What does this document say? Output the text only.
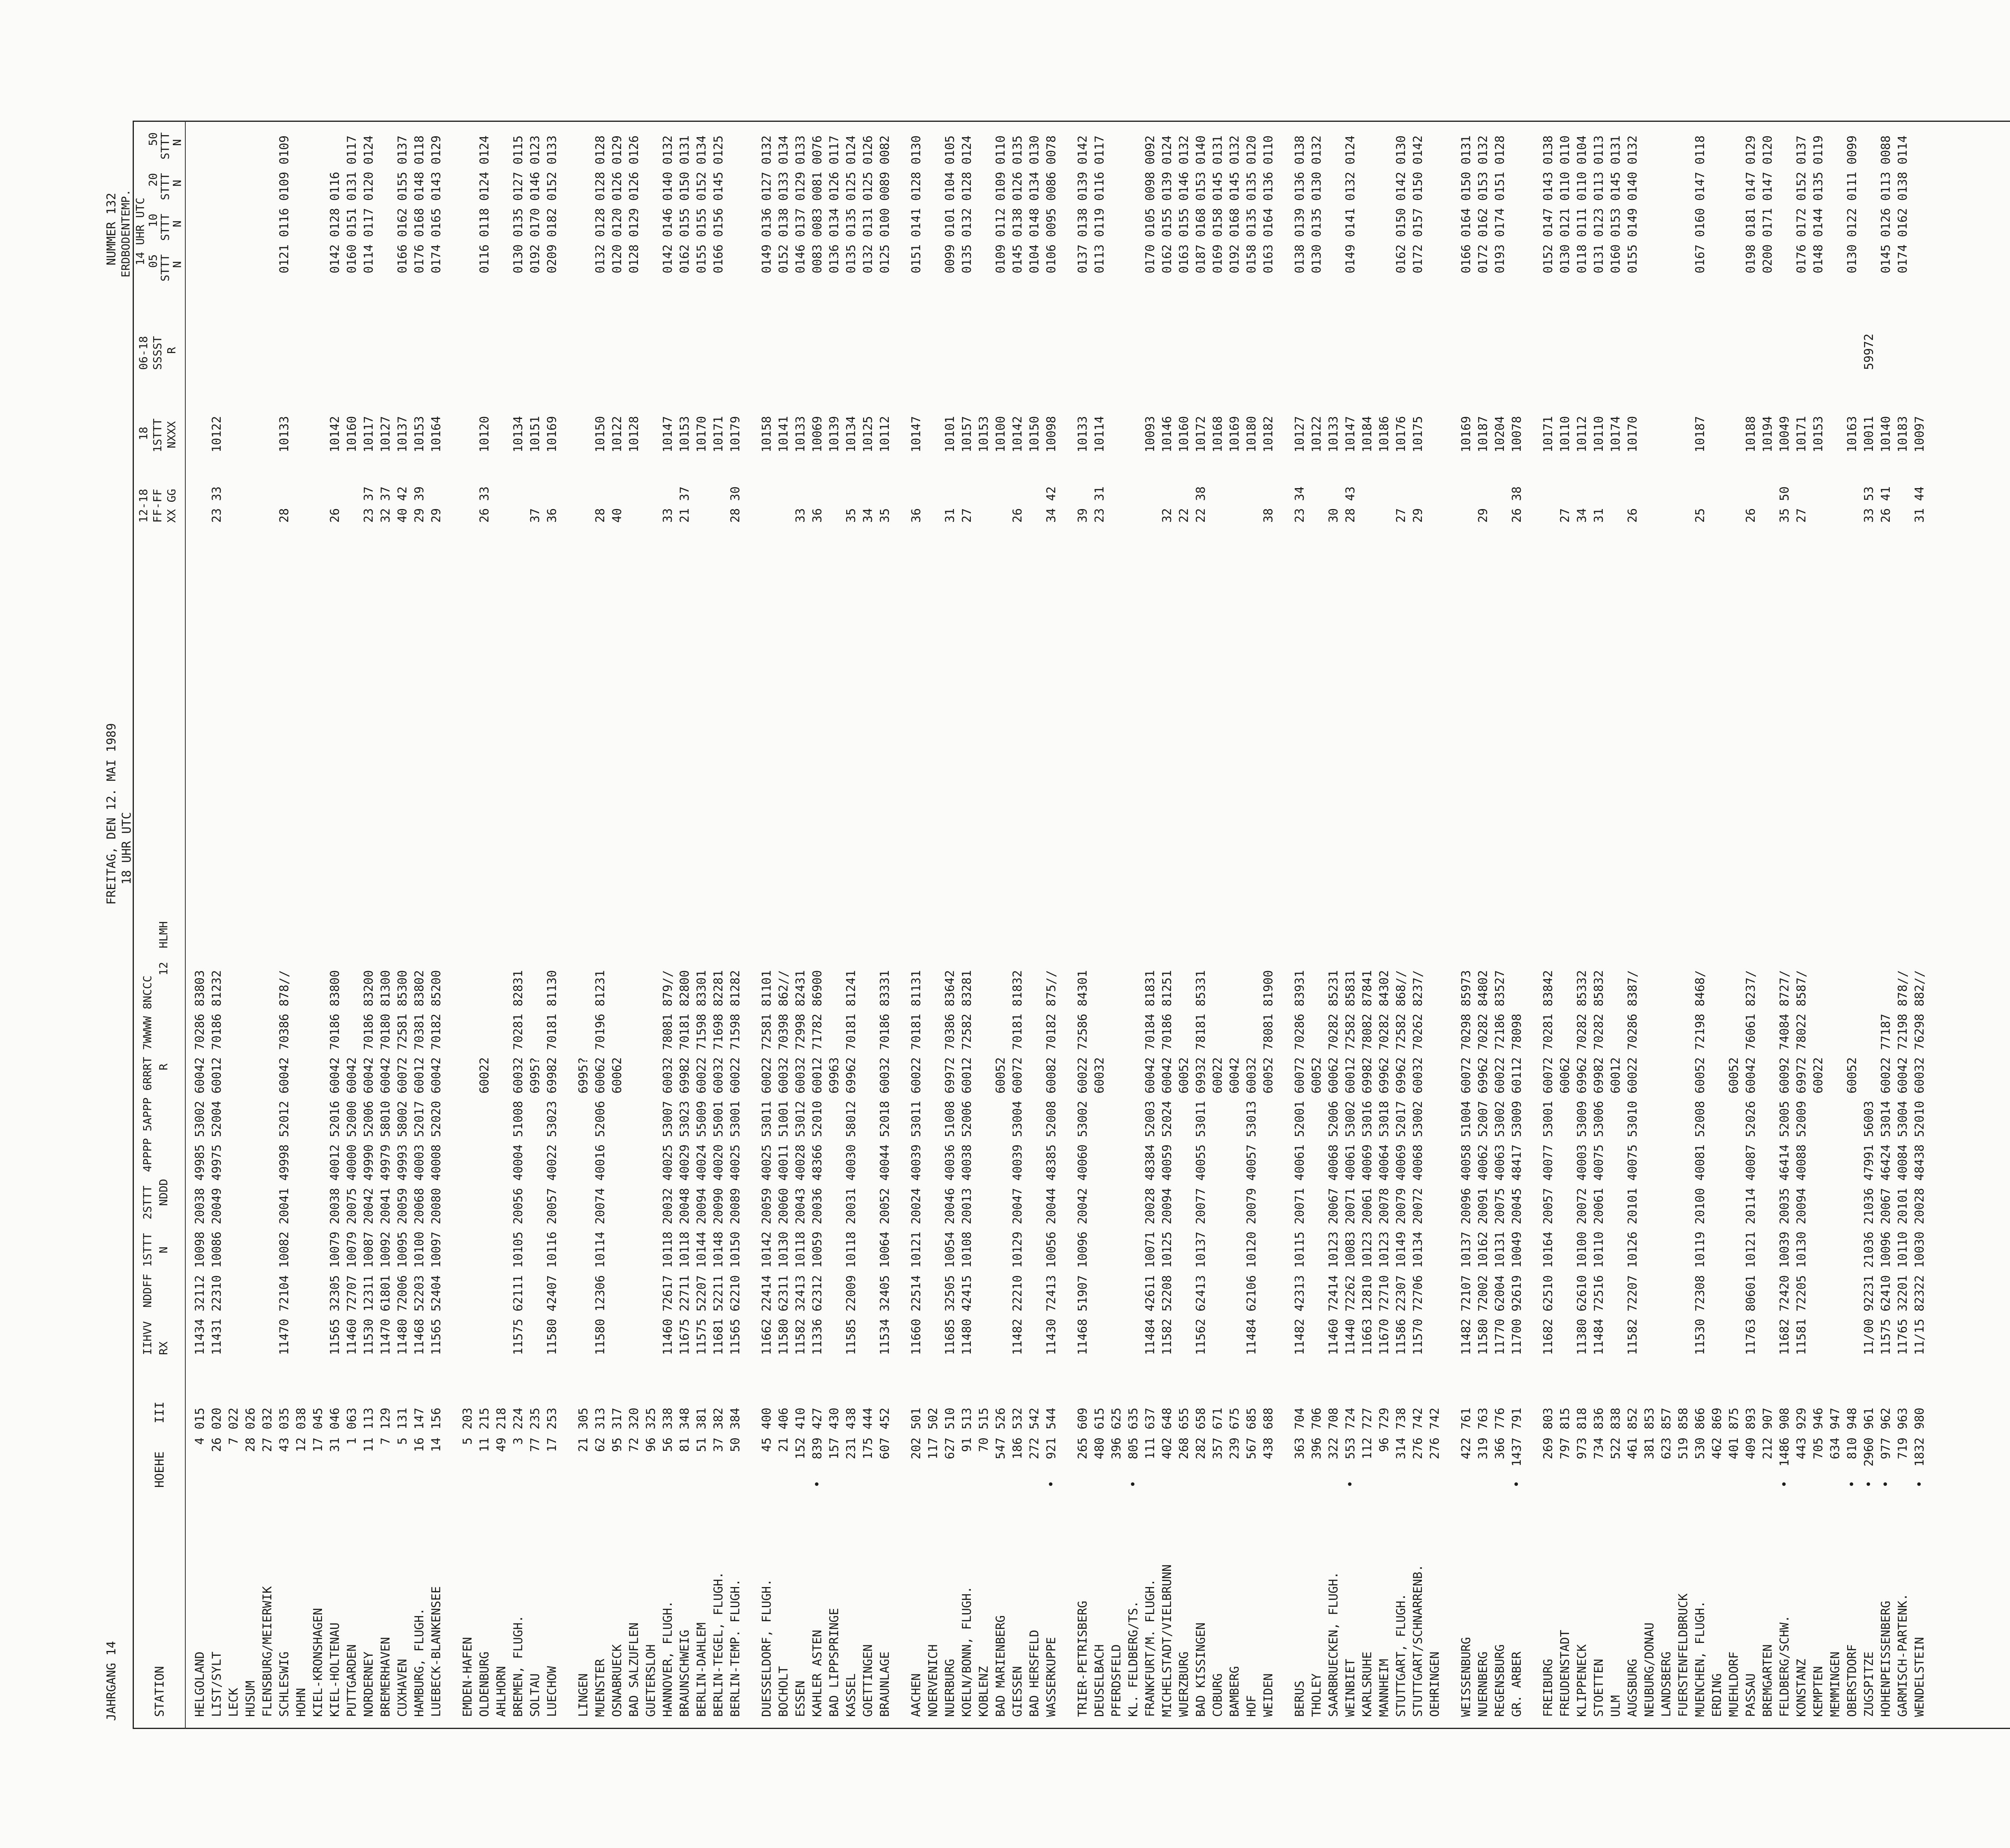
JAHRGANG 14
FREITAG, DEN 12. MAI 1989
NUMMER 132
18 UHR UTC
ERDBODENTEMP.
STATION
HOEHE
III
IIHVV  NDDFF 1STTT  2STTT  4PPPP 5APPP 6RRRT 7WWWW 8NCCC RX             N      NDDD                R             12  HLMH
12-18 FF-FF XX GG
18 1STTT NXXX
06-18 SSSST R
14 UHR UTC 05    10    20    50
STTT  STTT  STTT  STTT
N     N     N     N
HELGOLAND
4
015
11434 32112 10098 20038 49985 53002 60042 70286 83803
LIST/SYLT
26
020
11431 22310 10086 20049 49975 52004 60012 70186 81232
23 33
10122
LECK
7
022
HUSUM
28
026
FLENSBURG/MEIERWIK
27
032
SCHLESWIG
43
035
11470 72104 10082 20041 49998 52012 60042 70386 878//
28
10133
0121 0116 0109 0109
HOHN
12
038
KIEL-KRONSHAGEN
17
045
KIEL-HOLTENAU
31
046
11565 32305 10079 20038 40012 52016 60042 70186 83800
26
10142
0142 0128 0116
PUTTGARDEN
1
063
11460 72707 10079 20075 40000 52000 60042
10160
0160 0151 0131 0117
NORDERNEY
11
113
11530 12311 10087 20042 49990 52006 60042 70186 83200
23 37
10117
0114 0117 0120 0124
BREMERHAVEN
7
129
11470 61801 10092 20041 49979 58010 60042 70180 81300
32 37
10127
CUXHAVEN
5
131
11480 72006 10095 20059 49993 58002 60072 72581 85300
40 42
10137
0166 0162 0155 0137
HAMBURG, FLUGH.
16
147
11468 52203 10100 20068 40003 52017 60012 70381 83802
29 39
10153
0176 0168 0148 0118
LUEBECK-BLANKENSEE
14
156
11565 52404 10097 20080 40008 52020 60042 70182 85200
29
10164
0174 0165 0143 0129
EMDEN-HAFEN
5
203
OLDENBURG
11
215
60022
26 33
10120
0116 0118 0124 0124
AHLHORN
49
218
BREMEN, FLUGH.
3
224
11575 62111 10105 20056 40004 51008 60032 70281 82831
10134
0130 0135 0127 0115
SOLTAU
77
235
6995?
37
10151
0192 0170 0146 0123
LUECHOW
17
253
11580 42407 10116 20057 40022 53023 69982 70181 81130
36
10169
0209 0182 0152 0133
LINGEN
21
305
6995?
MUENSTER
62
313
11580 12306 10114 20074 40016 52006 60062 70196 81231
28
10150
0132 0128 0128 0128
OSNABRUECK
95
317
60062
40
10122
0120 0120 0126 0129
BAD SALZUFLEN
72
320
10128
0128 0129 0126 0126
GUETERSLOH
96
325
HANNOVER, FLUGH.
56
338
11460 72617 10118 20032 40025 53007 60032 78081 879//
33
10147
0142 0146 0140 0132
BRAUNSCHWEIG
81
348
11675 22711 10118 20048 40029 53023 69982 70181 82800
21 37
10153
0162 0155 0150 0131
BERLIN-DAHLEM
51
381
11575 52207 10144 20094 40024 55009 60022 71598 83301
10170
0155 0155 0152 0134
BERLIN-TEGEL, FLUGH.
37
382
11681 52211 10148 20090 40020 55001 60032 71698 82281
10171
0166 0156 0145 0125
BERLIN-TEMP. FLUGH.
50
384
11565 62210 10150 20089 40025 53001 60022 71598 81282
28 30
10179
DUESSELDORF, FLUGH.
45
400
11662 22414 10142 20059 40025 53011 60022 72581 81101
10158
0149 0136 0127 0132
BOCHOLT
21
406
11580 62311 10130 20060 40011 51001 60032 70398 862//
10141
0152 0138 0133 0134
ESSEN
152
410
11582 32413 10118 20043 40028 53012 60032 72998 82431
33
10133
0146 0137 0129 0133
KAHLER ASTEN
•
839
427
11336 62312 10059 20036 48366 52010 60012 71782 86900
36
10069
0083 0083 0081 0076
BAD LIPPSPRINGE
157
430
69963
10139
0136 0134 0126 0117
KASSEL
231
438
11585 22009 10118 20031 40030 58012 69962 70181 81241
35
10134
0135 0135 0125 0124
GOETTINGEN
175
444
34
10125
0132 0131 0125 0126
BRAUNLAGE
607
452
11534 32405 10064 20052 40044 52018 60032 70186 83331
35
10112
0125 0100 0089 0082
AACHEN
202
501
11660 22514 10121 20024 40039 53011 60022 70181 81131
36
10147
0151 0141 0128 0130
NOERVENICH
117
502
NUERBURG
627
510
11685 32505 10054 20046 40036 51008 69972 70386 83642
31
10101
0099 0101 0104 0105
KOELN/BONN, FLUGH.
91
513
11480 42415 10108 20013 40038 52006 60012 72582 83281
27
10157
0135 0132 0128 0124
KOBLENZ
70
515
10153
BAD MARIENBERG
547
526
60052
10100
0109 0112 0109 0110
GIESSEN
186
532
11482 22210 10129 20047 40039 53004 60072 70181 81832
26
10142
0145 0138 0126 0135
BAD HERSFELD
272
542
10150
0104 0148 0134 0130
WASSERKUPPE
•
921
544
11430 72413 10056 20044 48385 52008 60082 70182 875//
34 42
10098
0106 0095 0086 0078
TRIER-PETRISBERG
265
609
11468 51907 10096 20042 40060 53002 60022 72586 84301
39
10133
0137 0138 0139 0142
DEUSELBACH
480
615
60032
23 31
10114
0113 0119 0116 0117
PFERDSFELD
396
625
KL. FELDBERG/TS.
•
805
635
FRANKFURT/M. FLUGH.
111
637
11484 42611 10071 20028 48384 52003 60042 70184 81831
10093
0170 0105 0098 0092
MICHELSTADT/VIELBRUNN
402
648
11582 52208 10125 20094 40059 52024 60042 70186 81251
32
10146
0162 0155 0139 0124
WUERZBURG
268
655
60052
22
10160
0163 0155 0146 0132
BAD KISSINGEN
282
658
11562 62413 10137 20077 40055 53011 69932 78181 85331
22 38
10172
0187 0168 0153 0140
COBURG
357
671
60022
10168
0169 0158 0145 0131
BAMBERG
239
675
60042
10169
0192 0168 0145 0132
HOF
567
685
11484 62106 10120 20079 40057 53013 60032
10180
0158 0135 0135 0120
WEIDEN
438
688
60052 78081 81900
38
10182
0163 0164 0136 0110
BERUS
363
704
11482 42313 10115 20071 40061 52001 60072 70286 83931
23 34
10127
0138 0139 0136 0138
THOLEY
396
706
60052
10122
0130 0135 0130 0132
SAARBRUECKEN, FLUGH.
322
708
11460 72414 10123 20067 40068 52006 60062 70282 85231
30
10133
WEINBIET
•
553
724
11440 72262 10083 20071 40061 53002 60012 72582 85831
28 43
10147
0149 0141 0132 0124
KARLSRUHE
112
727
11663 12810 10123 20061 40069 53016 69982 78082 87841
10184
MANNHEIM
96
729
11670 72710 10123 20078 40064 53018 69962 70282 84302
10186
STUTTGART, FLUGH.
314
738
11586 22307 10149 20079 40069 52017 69962 72582 868//
27
10176
0162 0150 0142 0130
STUTTGART/SCHNARRENB.
276
742
11570 72706 10134 20072 40068 53002 60032 70262 8237/
29
10175
0172 0157 0150 0142
OEHRINGEN
276
742
WEISSENBURG
422
761
11482 72107 10137 20096 40058 51004 60072 70298 85973
10169
0166 0164 0150 0131
NUERNBERG
319
763
11580 72002 10162 20091 40062 52007 69962 70282 84802
29
10187
0172 0162 0153 0132
REGENSBURG
366
776
11770 62004 10131 20075 40063 53002 60022 72186 83527
10204
0193 0174 0151 0128
GR. ARBER
•
1437
791
11700 92619 10049 20045 48417 53009 60112 78098
26 38
10078
FREIBURG
269
803
11682 62510 10164 20057 40077 53001 60072 70281 83842
10171
0152 0147 0143 0138
FREUDENSTADT
797
815
60062
27
10110
0130 0121 0110 0110
KLIPPENECK
973
818
11380 62610 10100 20072 40003 53009 69962 70282 85332
34
10112
0118 0111 0110 0104
STOETTEN
734
836
11484 72516 10110 20061 40075 53006 69982 70282 85832
31
10110
0131 0123 0113 0113
ULM
522
838
60012
10174
0160 0153 0145 0131
AUGSBURG
461
852
11582 72207 10126 20101 40075 53010 60022 70286 8387/
26
10170
0155 0149 0140 0132
NEUBURG/DONAU
381
853
LANDSBERG
623
857
FUERSTENFELDBRUCK
519
858
MUENCHEN, FLUGH.
530
866
11530 72308 10119 20100 40081 52008 60052 72198 8468/
25
10187
0167 0160 0147 0118
ERDING
462
869
MUEHLDORF
401
875
60052
PASSAU
409
893
11763 80601 10121 20114 40087 52026 60042 76061 8237/
26
10188
0198 0181 0147 0129
BREMGARTEN
212
907
10194
0200 0171 0147 0120
FELDBERG/SCHW.
•
1486
908
11682 72420 10039 20035 46414 52005 60092 74084 8727/
35 50
10049
KONSTANZ
443
929
11581 72205 10130 20094 40088 52009 69972 78022 8587/
27
10171
0176 0172 0152 0137
KEMPTEN
705
946
60022
10153
0148 0144 0135 0119
MEMMINGEN
634
947
OBERSTDORF
•
810
948
60052
10163
0130 0122 0111 0099
ZUGSPITZE
•
2960
961
11/00 92231 21036 21036 47991 56003
33 53
10011
59972
HOHENPEISSENBERG
•
977
962
11575 62410 10096 20067 46424 53014 60022 77187
26 41
10140
0145 0126 0113 0088
GARMISCH-PARTENK.
719
963
11765 32201 10110 20101 40084 53004 60042 72198 878//
10183
0174 0162 0138 0114
WENDELSTEIN
•
1832
980
11/15 82322 10030 20028 48438 52010 60032 76298 882//
31 44
10097
